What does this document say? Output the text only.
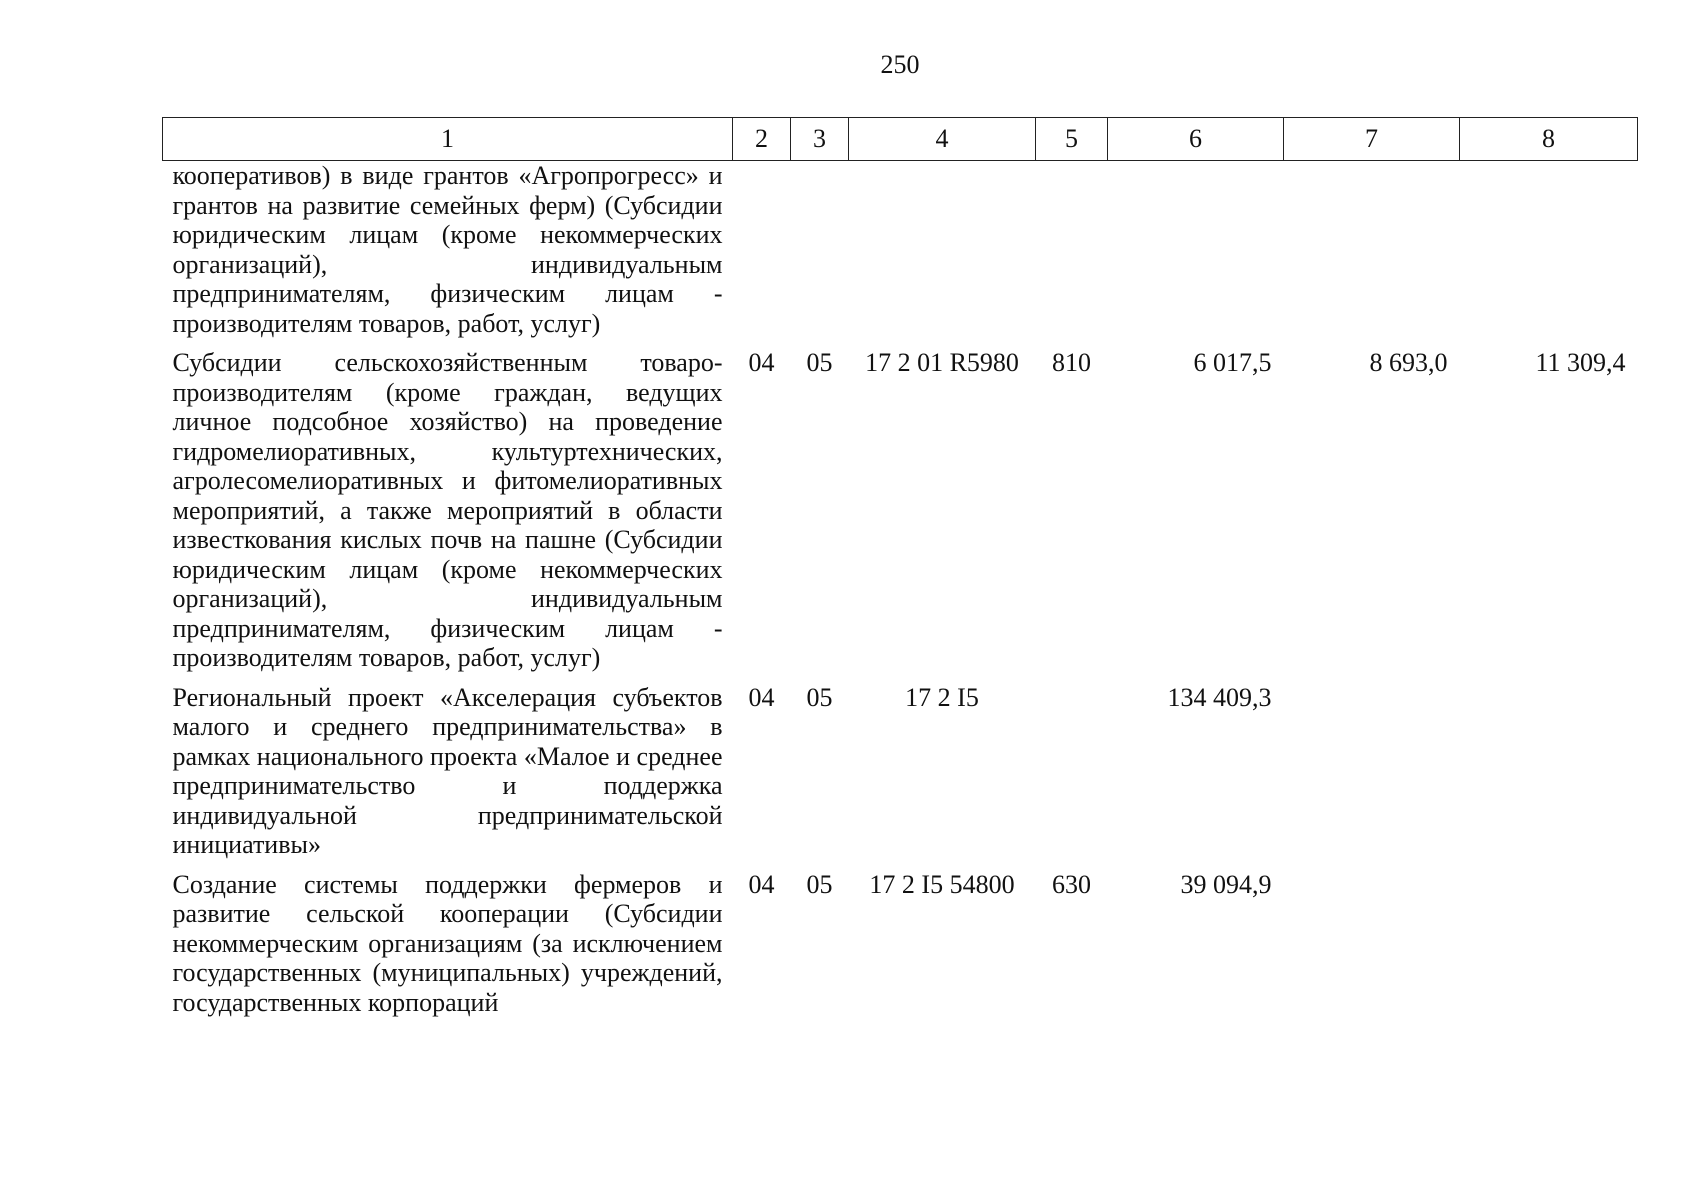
250
1	2	3	4	5	6	7	8
кооперативов) в виде грантов «Агропрогресс» и грантов на развитие семейных ферм) (Субсидии юридическим лицам (кроме некоммерческих организаций), индивидуальным предпринимателям, физическим лицам - производителям товаров, работ, услуг)							
Субсидии сельскохозяйственным товаропроизводителям (кроме граждан, ведущих личное подсобное хозяйство) на проведение гидромелиоративных, культуртехнических, агролесомелиоративных и фитомелиоративных мероприятий, а также мероприятий в области известкования кислых почв на пашне (Субсидии юридическим лицам (кроме некоммерческих организаций), индивидуальным предпринимателям, физическим лицам - производителям товаров, работ, услуг)	04	05	17 2 01 R5980	810	6 017,5	8 693,0	11 309,4
Региональный проект «Акселерация субъектов малого и среднего предпринимательства» в рамках национального проекта «Малое и среднее предпринимательство и поддержка индивидуальной предпринимательской инициативы»	04	05	17 2 I5		134 409,3		
Создание системы поддержки фермеров и развитие сельской кооперации (Субсидии некоммерческим организациям (за исключением государственных (муниципальных) учреждений, государственных корпораций	04	05	17 2 I5 54800	630	39 094,9		
